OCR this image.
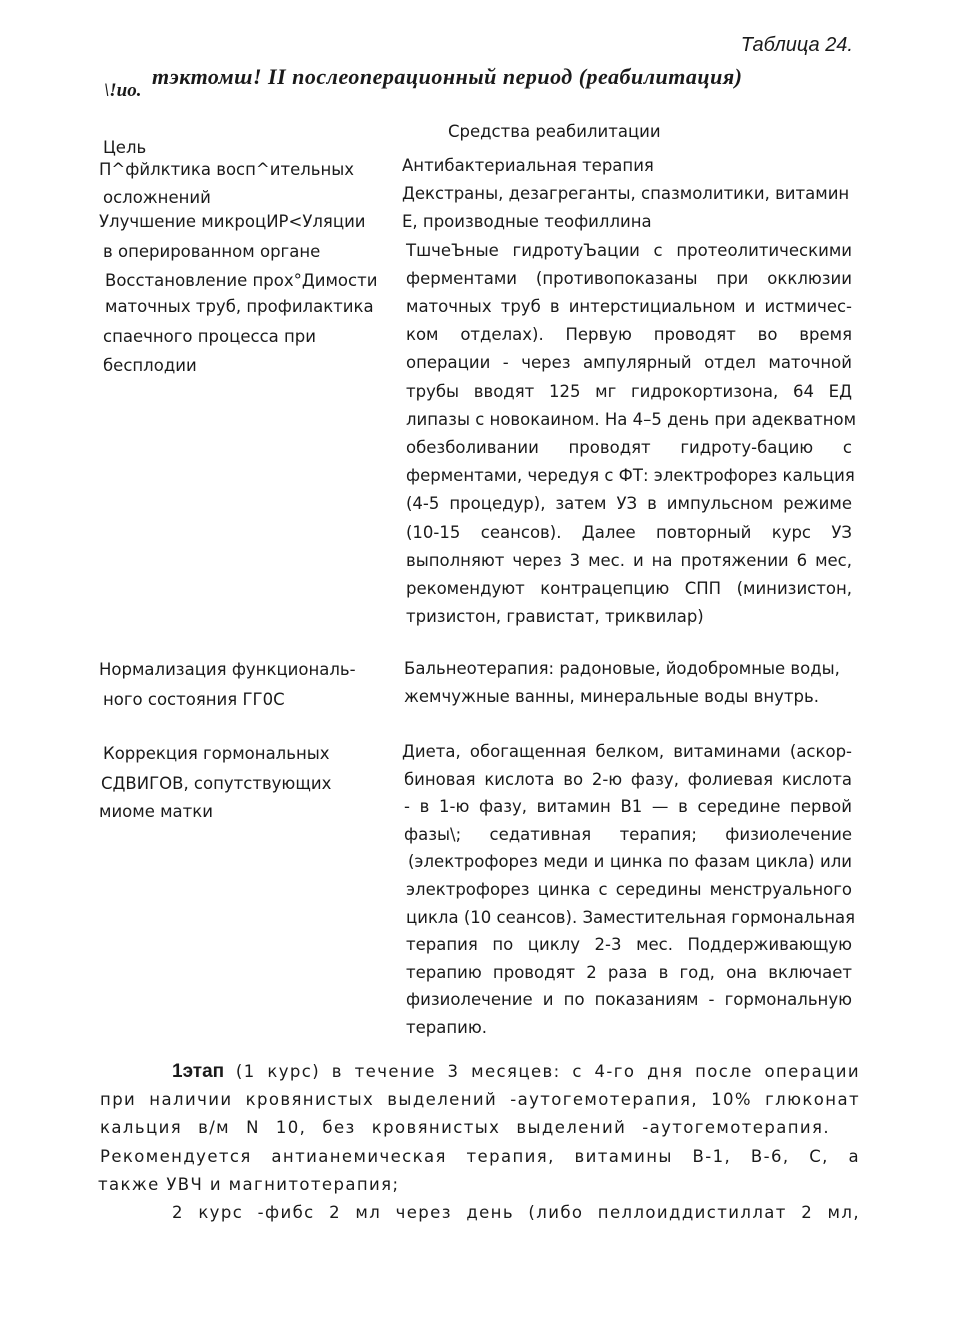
Таблица 24.
\!ио.
тэктомш! II послеоперационный период (реабилитация)
Цель
Средства реабилитации
П^фйлктика восп^ительных
осложнений
Улучшение микроцИР<Уляции
в оперированном органе
Восстановление прох°Димости
маточных труб, профилактика
спаечного процесса при
бесплодии
Антибактериальная терапия
Декстраны, дезагреганты, спазмолитики, витамин
Е, производные теофиллина
ТшчеЪные гидротуЪации с протеолитическими
ферментами (противопоказаны при окклюзии
маточных труб в интерстициальном и истмичес-
ком отделах). Первую проводят во время
операции - через ампулярный отдел маточной
трубы вводят 125 мг гидрокортизона, 64 ЕД
липазы с новокаином. На 4–5 день при адекватном
обезболивании проводят гидроту-бацию с
ферментами, чередуя с ФТ: электрофорез кальция
(4-5 процедур), затем УЗ в импульсном режиме
(10-15 сеансов). Далее повторный курс УЗ
выполняют через 3 мес. и на протяжении 6 мес,
рекомендуют контрацепцию СПП (минизистон,
тризистон, гравистат, триквилар)
Нормализация функциональ-
ного состояния ГГ0С
Бальнеотерапия: радоновые, йодобромные воды,
жемчужные ванны, минеральные воды внутрь.
Коррекция гормональных
СДВИГОВ, сопутствующих
миоме матки
Диета, обогащенная белком, витаминами (аскор-
биновая кислота во 2-ю фазу, фолиевая кислота
- в 1-ю фазу, витамин В1 — в середине первой
фазы\; седативная терапия; физиолечение
(электрофорез меди и цинка по фазам цикла) или
электрофорез цинка с середины менструального
цикла (10 сеансов). Заместительная гормональная
терапия по циклу 2-3 мес. Поддерживающую
терапию проводят 2 раза в год, она включает
физиолечение и по показаниям - гормональную
терапию.
1этап (1 курс) в течение 3 месяцев: с 4-го дня после операции
при наличии кровянистых выделений -аутогемотерапия, 10% глюконат
кальция в/м N 10, без кровянистых выделений -аутогемотерапия.
Рекомендуется антианемическая терапия, витамины В-1, В-6, С, а
также УВЧ и магнитотерапия;
2 курс -фибс 2 мл через день (либо пеллоиддистиллат 2 мл,
